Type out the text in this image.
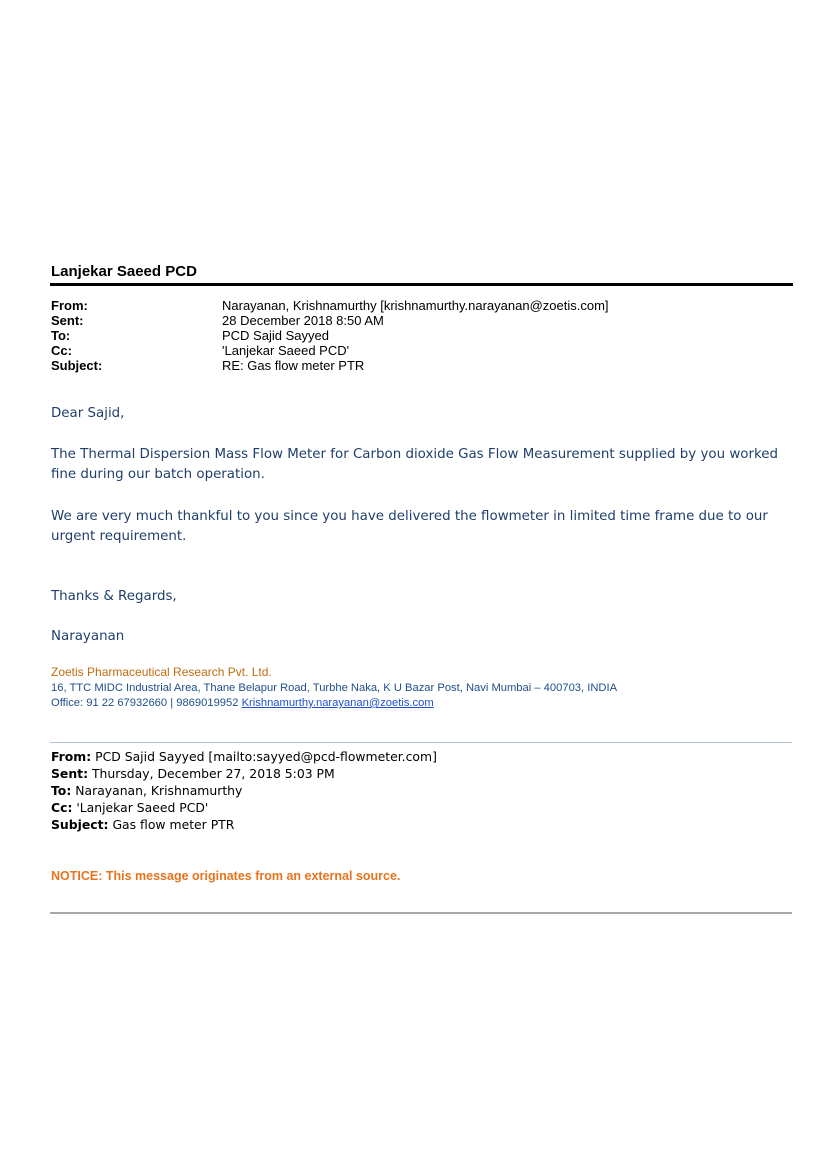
Lanjekar Saeed PCD
From:	Narayanan, Krishnamurthy [krishnamurthy.narayanan@zoetis.com]
Sent:	28 December 2018 8:50 AM
To:	PCD Sajid Sayyed
Cc:	'Lanjekar Saeed PCD'
Subject:	RE: Gas flow meter PTR
Dear Sajid,
The Thermal Dispersion Mass Flow Meter for Carbon dioxide Gas Flow Measurement supplied by you worked fine during our batch operation.
We are very much thankful to you since you have delivered the flowmeter in limited time frame due to our urgent requirement.
Thanks & Regards,
Narayanan
Zoetis Pharmaceutical Research Pvt. Ltd.
16, TTC MIDC Industrial Area, Thane Belapur Road, Turbhe Naka, K U Bazar Post, Navi Mumbai – 400703, INDIA
Office: 91 22 67932660 | 9869019952 Krishnamurthy.narayanan@zoetis.com
From: PCD Sajid Sayyed [mailto:sayyed@pcd-flowmeter.com]
Sent: Thursday, December 27, 2018 5:03 PM
To: Narayanan, Krishnamurthy
Cc: 'Lanjekar Saeed PCD'
Subject: Gas flow meter PTR
NOTICE: This message originates from an external source.
